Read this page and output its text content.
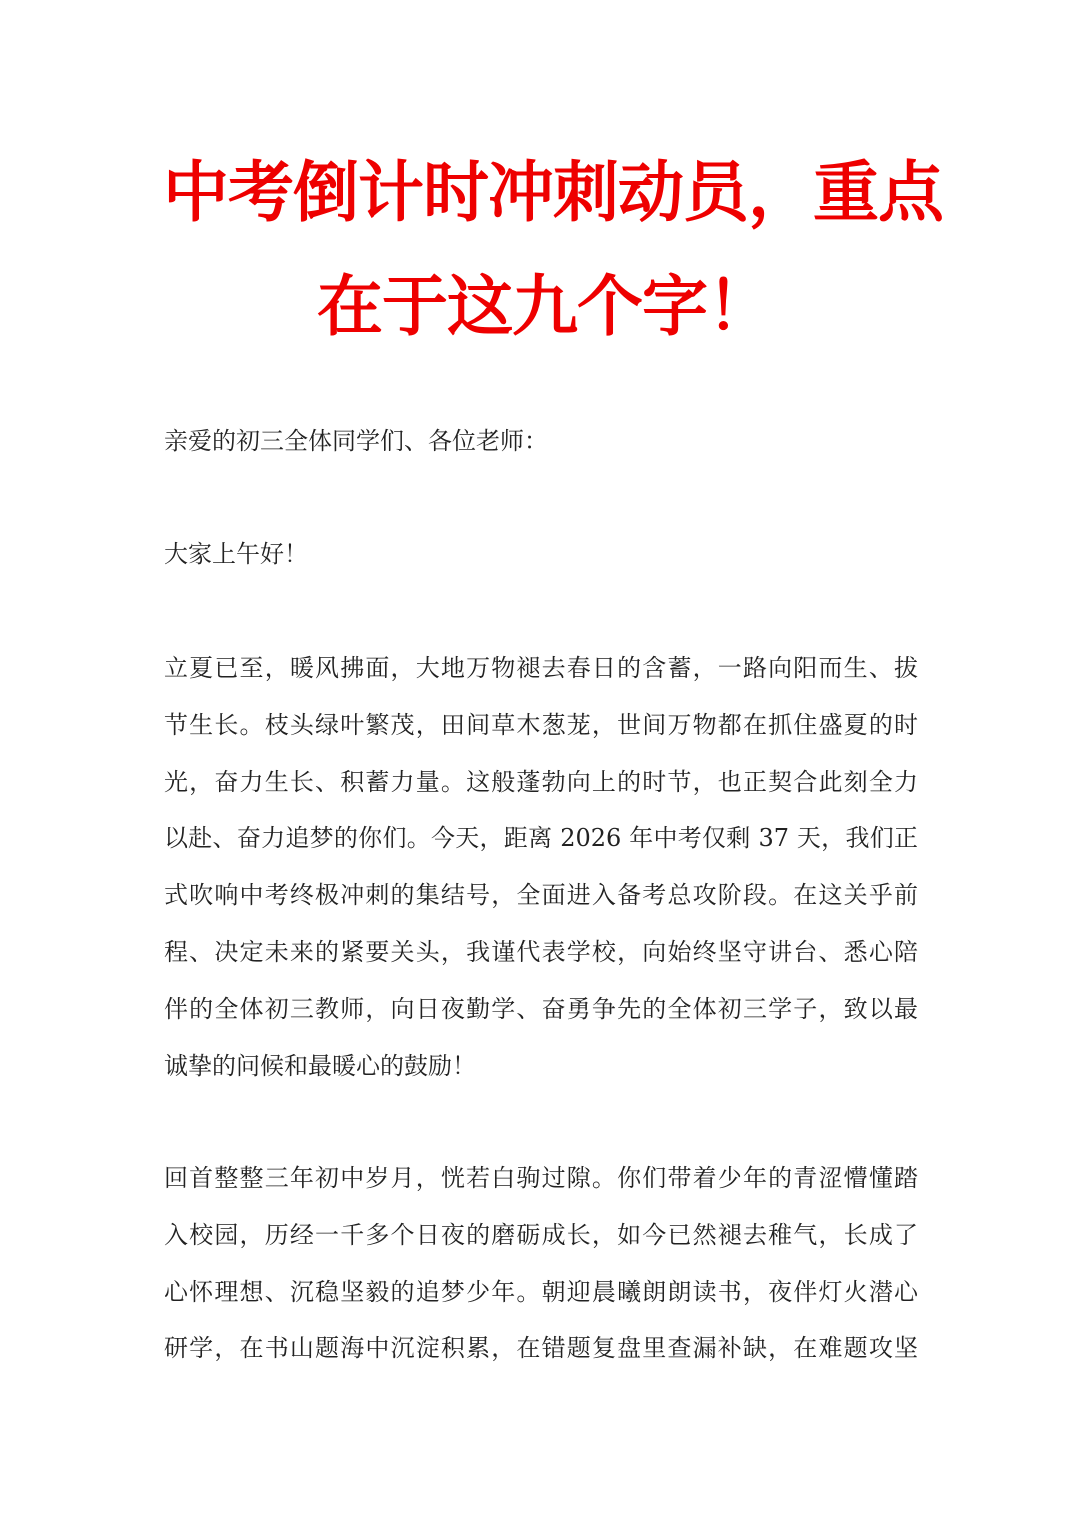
中考倒计时冲刺动员，重点
在于这九个字！

亲爱的初三全体同学们、各位老师：

大家上午好！

立夏已至，暖风拂面，大地万物褪去春日的含蓄，一路向阳而生、拔
节生长。枝头绿叶繁茂，田间草木葱茏，世间万物都在抓住盛夏的时
光，奋力生长、积蓄力量。这般蓬勃向上的时节，也正契合此刻全力
以赴、奋力追梦的你们。今天，距离 2026 年中考仅剩 37 天，我们正
式吹响中考终极冲刺的集结号，全面进入备考总攻阶段。在这关乎前
程、决定未来的紧要关头，我谨代表学校，向始终坚守讲台、悉心陪
伴的全体初三教师，向日夜勤学、奋勇争先的全体初三学子，致以最
诚挚的问候和最暖心的鼓励！
回首整整三年初中岁月，恍若白驹过隙。你们带着少年的青涩懵懂踏
入校园，历经一千多个日夜的磨砺成长，如今已然褪去稚气，长成了
心怀理想、沉稳坚毅的追梦少年。朝迎晨曦朗朗读书，夜伴灯火潜心
研学，在书山题海中沉淀积累，在错题复盘里查漏补缺，在难题攻坚
